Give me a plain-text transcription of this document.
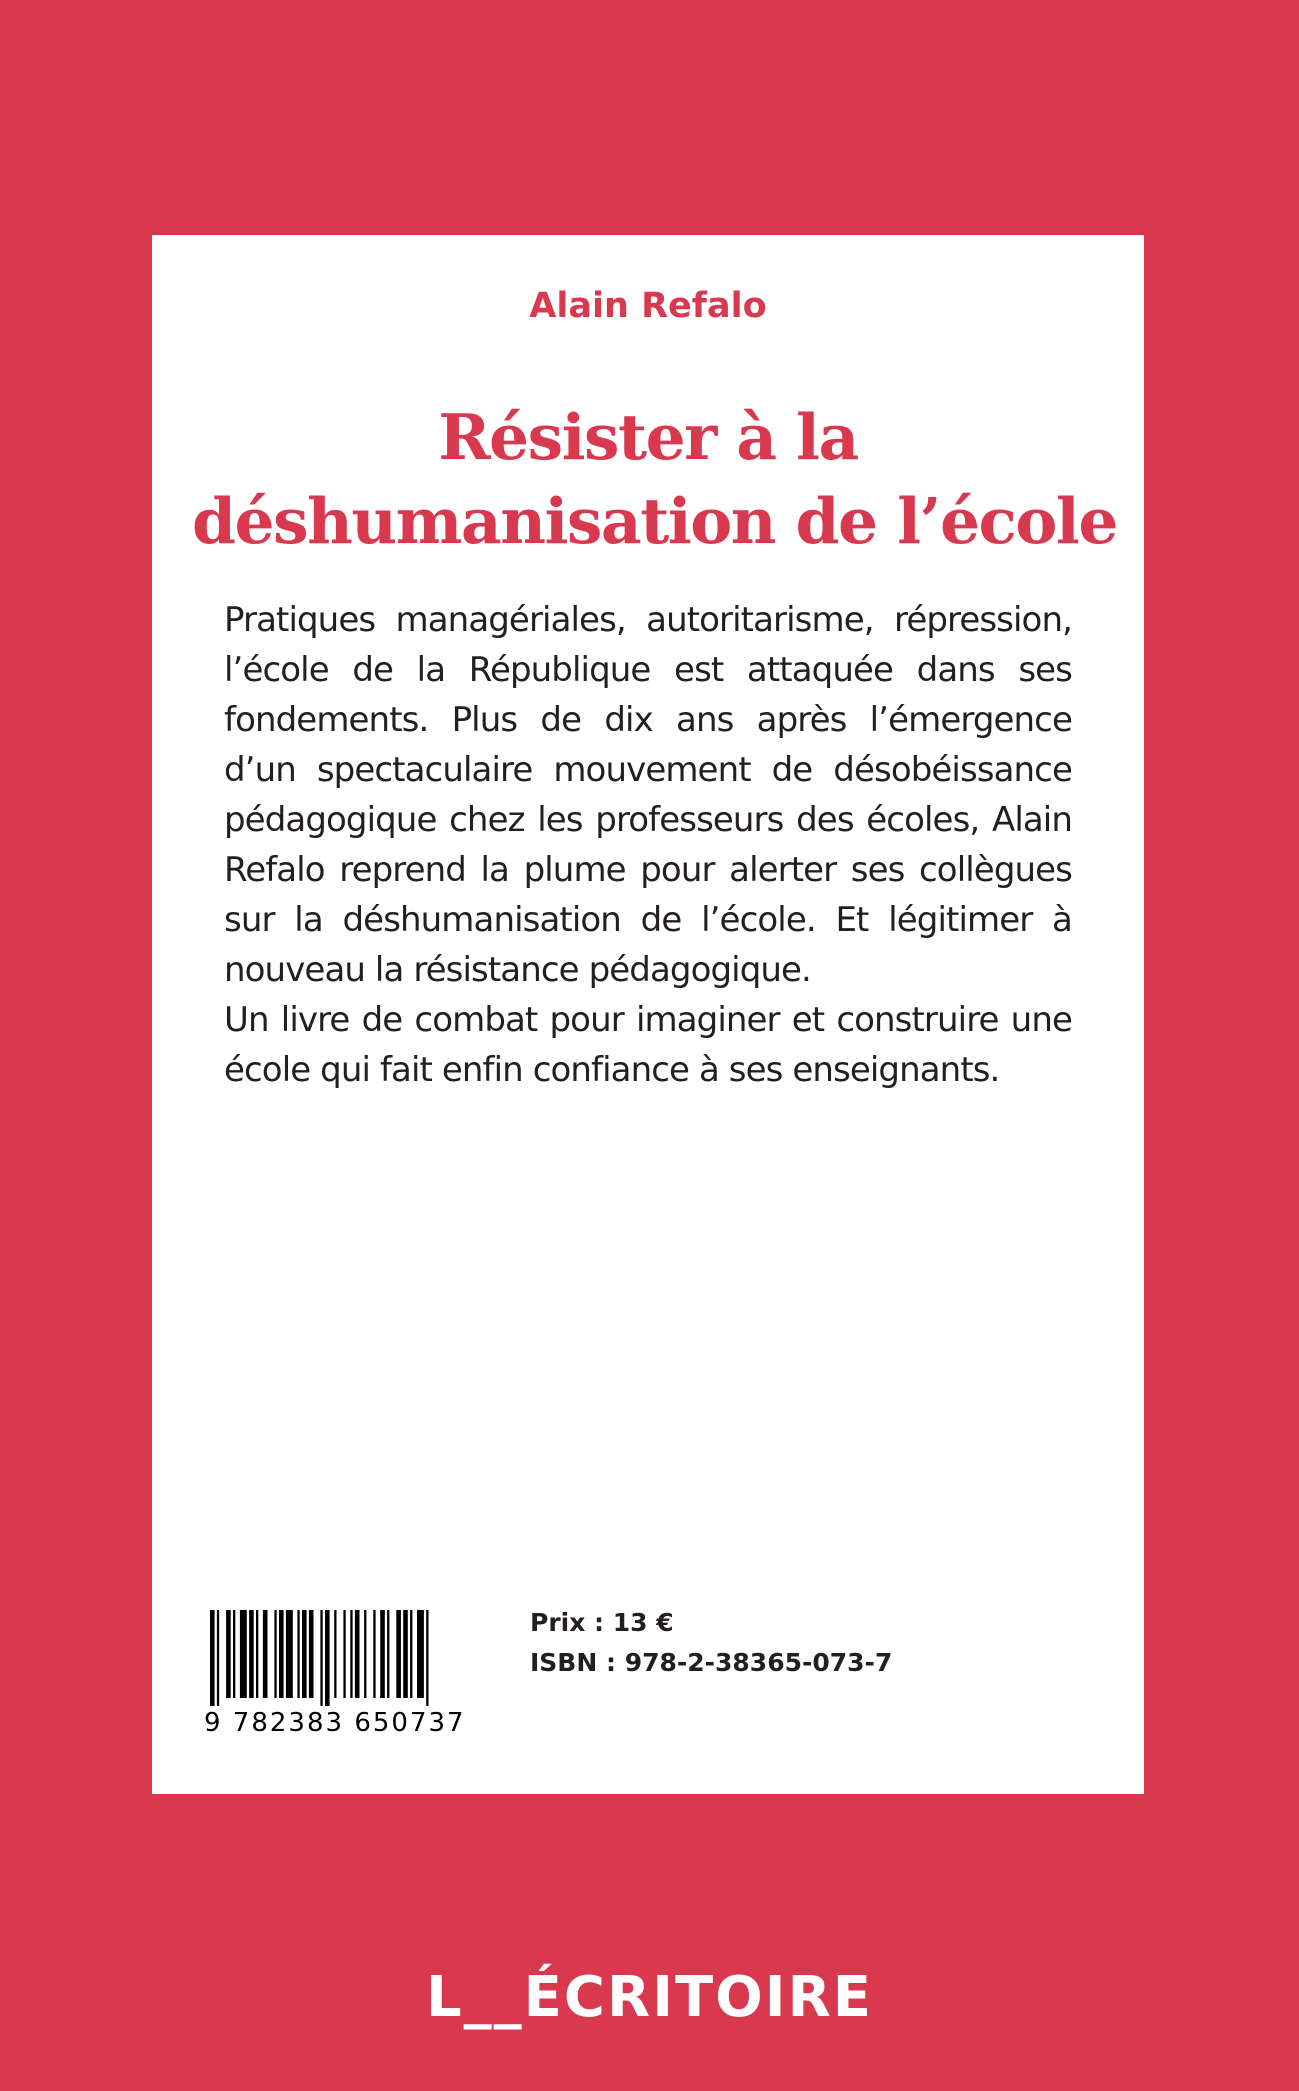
Alain Refalo
Résister à la
déshumanisation de l’école

Pratiques managériales, autoritarisme, répression, l’école de la République est attaquée dans ses fondements. Plus de dix ans après l’émergence d’un spectaculaire mouvement de désobéissance pédagogique chez les professeurs des écoles, Alain Refalo reprend la plume pour alerter ses collègues sur la déshumanisation de l’école. Et légitimer à nouveau la résistance pédagogique.

Un livre de combat pour imaginer et construire une école qui fait enfin confiance à ses enseignants.

9 782383 650737
Prix : 13 €
ISBN : 978-2-38365-073-7
L__ÉCRITOIRE
